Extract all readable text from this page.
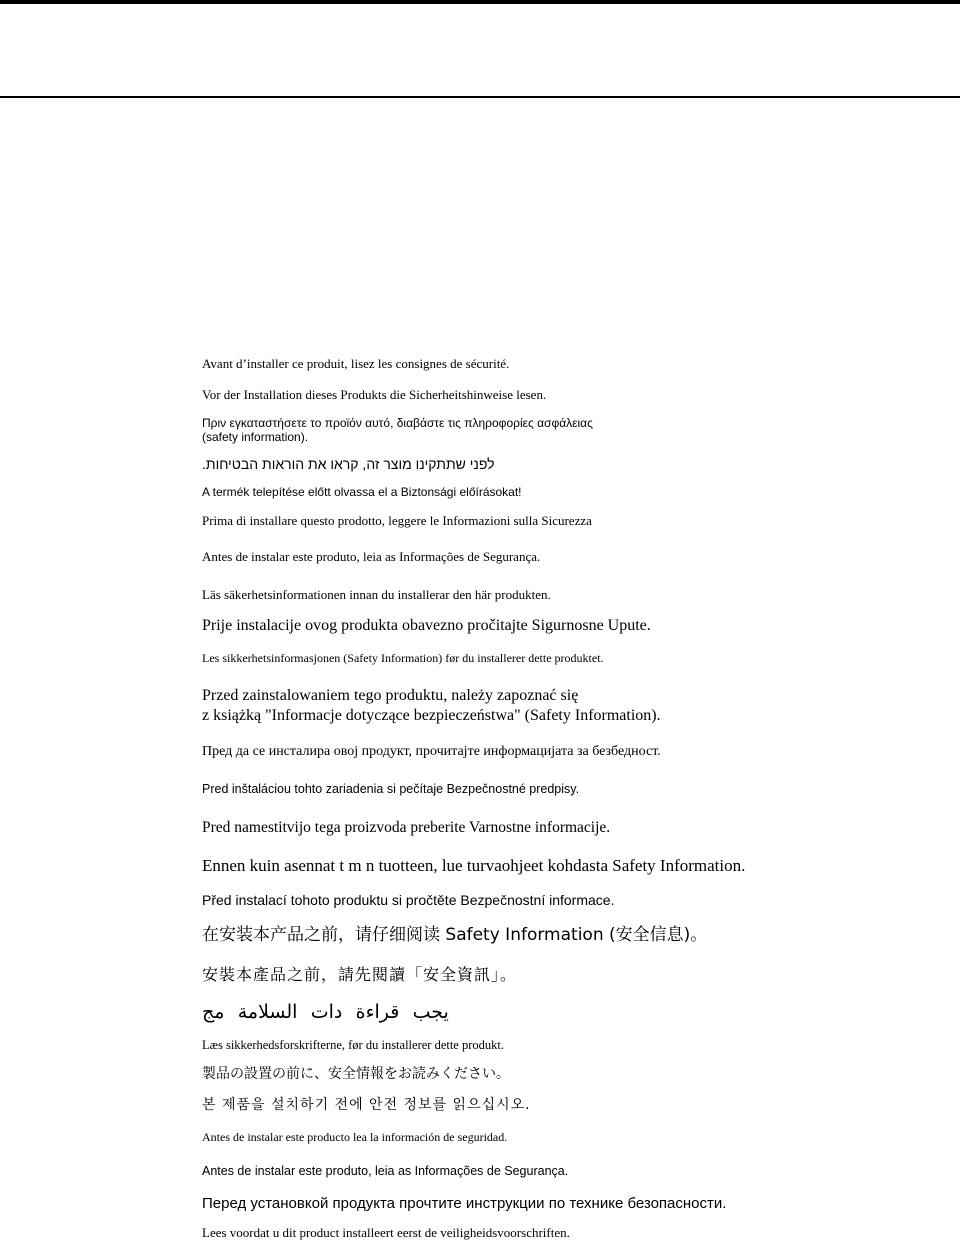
Avant d’installer ce produit, lisez les consignes de sécurité.

Vor der Installation dieses Produkts die Sicherheitshinweise lesen.

Πριν εγκαταστήσετε το προϊόν αυτό, διαβάστε τις πληροφορίες ασφάλειας
(safety information).

לפני שתתקינו מוצר זה, קראו את הוראות הבטיחות.

A termék telepítése előtt olvassa el a Biztonsági előírásokat!

Prima di installare questo prodotto, leggere le Informazioni sulla Sicurezza

Antes de instalar este produto, leia as Informações de Segurança.

Läs säkerhetsinformationen innan du installerar den här produkten.

Prije instalacije ovog produkta obavezno pročitajte Sigurnosne Upute.

Les sikkerhetsinformasjonen (Safety Information) før du installerer dette produktet.

Przed zainstalowaniem tego produktu, należy zapoznać się
z książką "Informacje dotyczące bezpieczeństwa" (Safety Information).

Пред да се инсталира овој продукт, прочитајте информацијата за безбедност.

Pred inštaláciou tohto zariadenia si pečítaje Bezpečnostné predpisy.

Pred namestitvijo tega proizvoda preberite Varnostne informacije.

Ennen kuin asennat t m n tuotteen, lue turvaohjeet kohdasta Safety Information.

Před instalací tohoto produktu si pročtěte Bezpečnostní informace.

在安装本产品之前，请仔细阅读 Safety Information (安全信息)。

安裝本產品之前，請先閱讀「安全資訊」。

يجب قراءة دات السلامة مج

Læs sikkerhedsforskrifterne, før du installerer dette produkt.

製品の設置の前に、安全情報をお読みください。

본 제품을 설치하기 전에 안전 정보를 읽으십시오.

Antes de instalar este producto lea la información de seguridad.

Antes de instalar este produto, leia as Informações de Segurança.

Перед установкой продукта прочтите инструкции по технике безопасности.

Lees voordat u dit product installeert eerst de veiligheidsvoorschriften.
